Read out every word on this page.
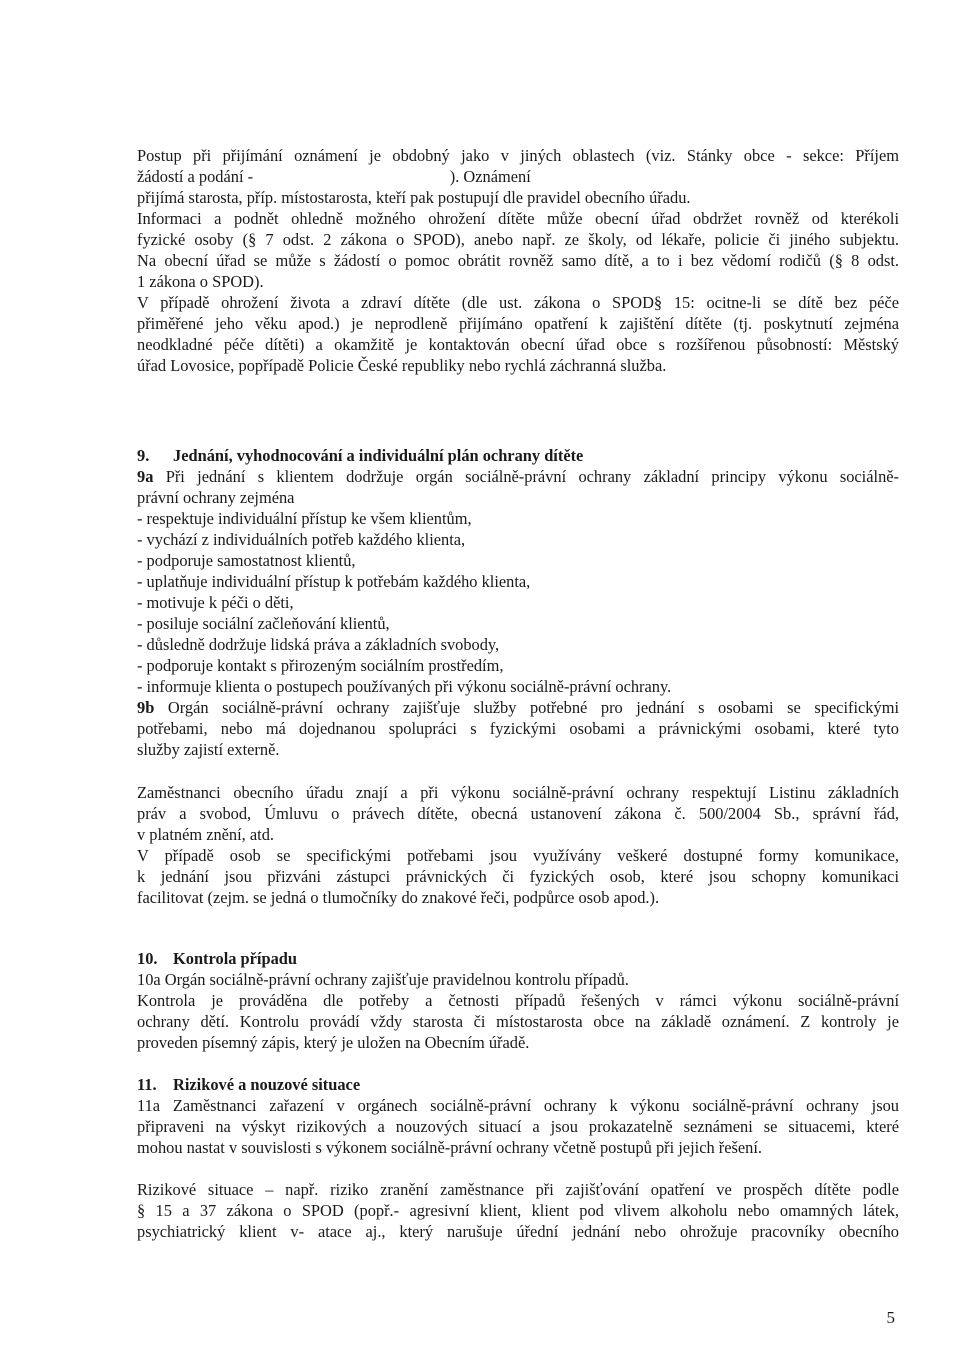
Postup při přijímání oznámení je obdobný jako v jiných oblastech (viz. Stánky obce - sekce: Příjem
žádostí a podání -                                                ). Oznámení
přijímá starosta, příp. místostarosta, kteří pak postupují dle pravidel obecního úřadu.
Informaci a podnět ohledně možného ohrožení dítěte může obecní úřad obdržet rovněž od kterékoli
fyzické osoby (§ 7 odst. 2 zákona o SPOD), anebo např. ze školy, od lékaře, policie či jiného subjektu.
Na obecní úřad se může s žádostí o pomoc obrátit rovněž samo dítě, a to i bez vědomí rodičů (§ 8 odst.
1 zákona o SPOD).
V případě ohrožení života a zdraví dítěte (dle ust. zákona o SPOD§ 15: ocitne-li se dítě bez péče
přiměřené jeho věku apod.) je neprodleně přijímáno opatření k zajištění dítěte (tj. poskytnutí zejména
neodkladné péče dítěti) a okamžitě je kontaktován obecní úřad obce s rozšířenou působností: Městský
úřad Lovosice, popřípadě Policie České republiky nebo rychlá záchranná služba.
9. Jednání, vyhodnocování a individuální plán ochrany dítěte
9a Při jednání s klientem dodržuje orgán sociálně-právní ochrany základní principy výkonu sociálně-
právní ochrany zejména
- respektuje individuální přístup ke všem klientům,
- vychází z individuálních potřeb každého klienta,
- podporuje samostatnost klientů,
- uplatňuje individuální přístup k potřebám každého klienta,
- motivuje k péči o děti,
- posiluje sociální začleňování klientů,
- důsledně dodržuje lidská práva a základních svobody,
- podporuje kontakt s přirozeným sociálním prostředím,
- informuje klienta o postupech používaných při výkonu sociálně-právní ochrany.
9b Orgán sociálně-právní ochrany zajišťuje služby potřebné pro jednání s osobami se specifickými
potřebami, nebo má dojednanou spolupráci s fyzickými osobami a právnickými osobami, které tyto
služby zajistí externě.
Zaměstnanci obecního úřadu znají a při výkonu sociálně-právní ochrany respektují Listinu základních
práv a svobod, Úmluvu o právech dítěte, obecná ustanovení zákona č. 500/2004 Sb., správní řád,
v platném znění, atd.
V případě osob se specifickými potřebami jsou využívány veškeré dostupné formy komunikace,
k jednání jsou přizváni zástupci právnických či fyzických osob, které jsou schopny komunikaci
facilitovat (zejm. se jedná o tlumočníky do znakové řeči, podpůrce osob apod.).
10. Kontrola případu
10a Orgán sociálně-právní ochrany zajišťuje pravidelnou kontrolu případů.
Kontrola je prováděna dle potřeby a četnosti případů řešených v rámci výkonu sociálně-právní
ochrany dětí. Kontrolu provádí vždy starosta či místostarosta obce na základě oznámení. Z kontroly je
proveden písemný zápis, který je uložen na Obecním úřadě.
11. Rizikové a nouzové situace
11a Zaměstnanci zařazení v orgánech sociálně-právní ochrany k výkonu sociálně-právní ochrany jsou
připraveni na výskyt rizikových a nouzových situací a jsou prokazatelně seznámeni se situacemi, které
mohou nastat v souvislosti s výkonem sociálně-právní ochrany včetně postupů při jejich řešení.
Rizikové situace – např. riziko zranění zaměstnance při zajišťování opatření ve prospěch dítěte podle
§ 15 a 37 zákona o SPOD (popř.- agresivní klient, klient pod vlivem alkoholu nebo omamných látek,
psychiatrický klient v- atace aj., který narušuje úřední jednání nebo ohrožuje pracovníky obecního
5
